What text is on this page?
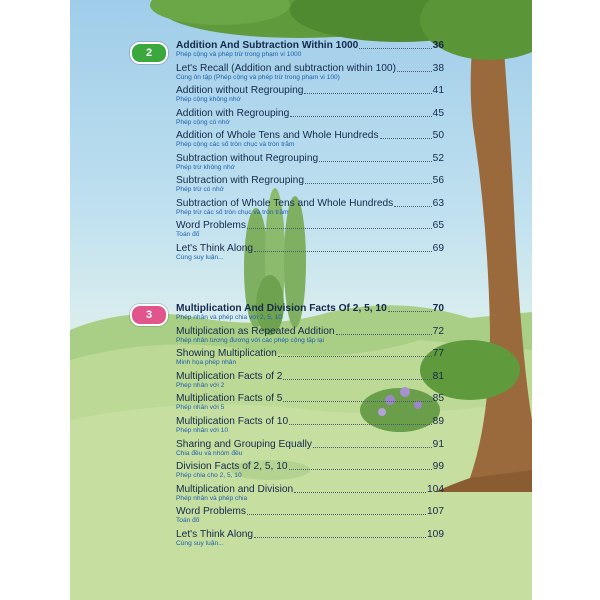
2
Addition And Subtraction Within 1000	36
Phép cộng và phép trừ trong phạm vi 1000
Let's Recall (Addition and subtraction within 100)	38
Cùng ôn tập (Phép cộng và phép trừ trong phạm vi 100)
Addition without Regrouping	41
Phép cộng không nhớ
Addition with Regrouping	45
Phép cộng có nhớ
Addition of Whole Tens and Whole Hundreds	50
Phép cộng các số tròn chục và tròn trăm
Subtraction without Regrouping	52
Phép trừ không nhớ
Subtraction with Regrouping	56
Phép trừ có nhớ
Subtraction of Whole Tens and Whole Hundreds	63
Phép trừ các số tròn chục và tròn trăm
Word Problems	65
Toán đố
Let's Think Along	69
Cùng suy luận...
3
Multiplication And Division Facts Of 2, 5, 10	70
Phép nhân và phép chia với 2, 5, 10
Multiplication as Repeated Addition	72
Phép nhân tương đương với các phép cộng lặp lại
Showing Multiplication	77
Minh họa phép nhân
Multiplication Facts of 2	81
Phép nhân với 2
Multiplication Facts of 5	85
Phép nhân với 5
Multiplication Facts of 10	89
Phép nhân với 10
Sharing and Grouping Equally	91
Chia đều và nhóm đều
Division Facts of 2, 5, 10	99
Phép chia cho 2, 5, 10
Multiplication and Division	104
Phép nhân và phép chia
Word Problems	107
Toán đố
Let's Think Along	109
Cùng suy luận...
